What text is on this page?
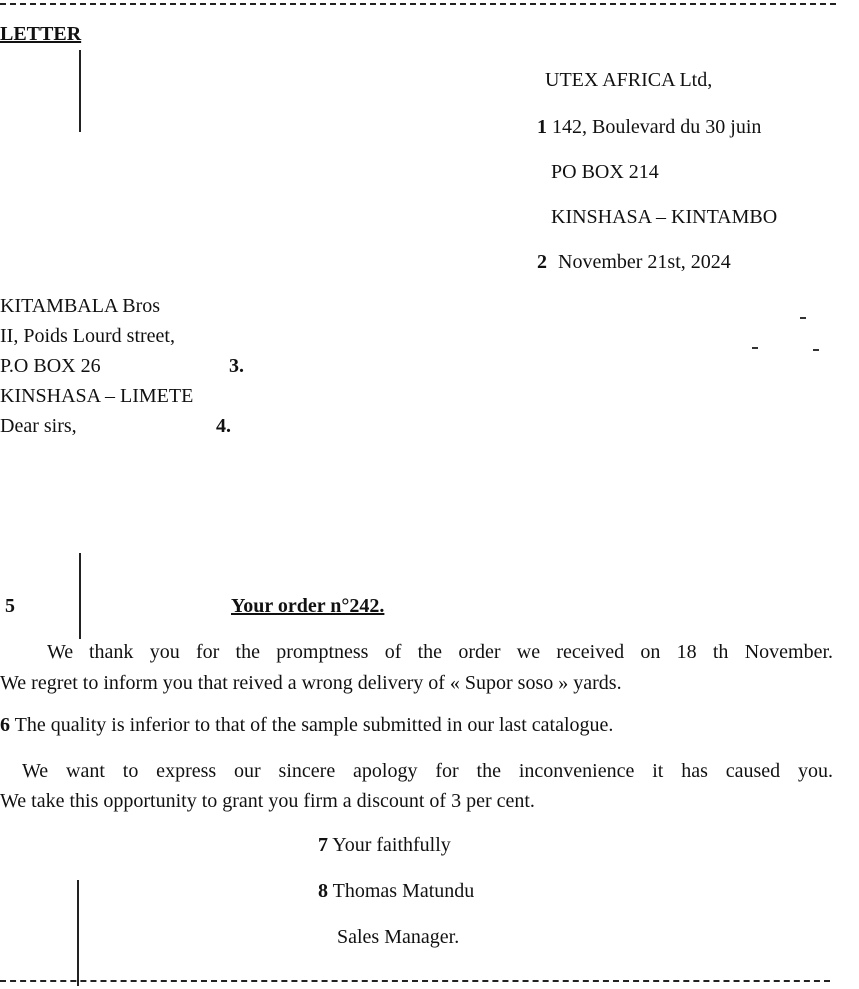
LETTER
UTEX AFRICA Ltd,
1 142, Boulevard du 30 juin
PO BOX 214
KINSHASA – KINTAMBO
2 November 21st, 2024
KITAMBALA Bros
II, Poids Lourd street,
P.O BOX 26	3.
KINSHASA – LIMETE
Dear sirs,	4.
5	Your order n°242.
We thank you for the promptness of the order we received on 18 th November.
We regret to inform you that reived a wrong delivery of « Supor soso » yards.
6 The quality is inferior to that of the sample submitted in our last catalogue.
We want to express our sincere apology for the inconvenience it has caused you.
We take this opportunity to grant you firm a discount of 3 per cent.
7 Your faithfully
8 Thomas Matundu
Sales Manager.
